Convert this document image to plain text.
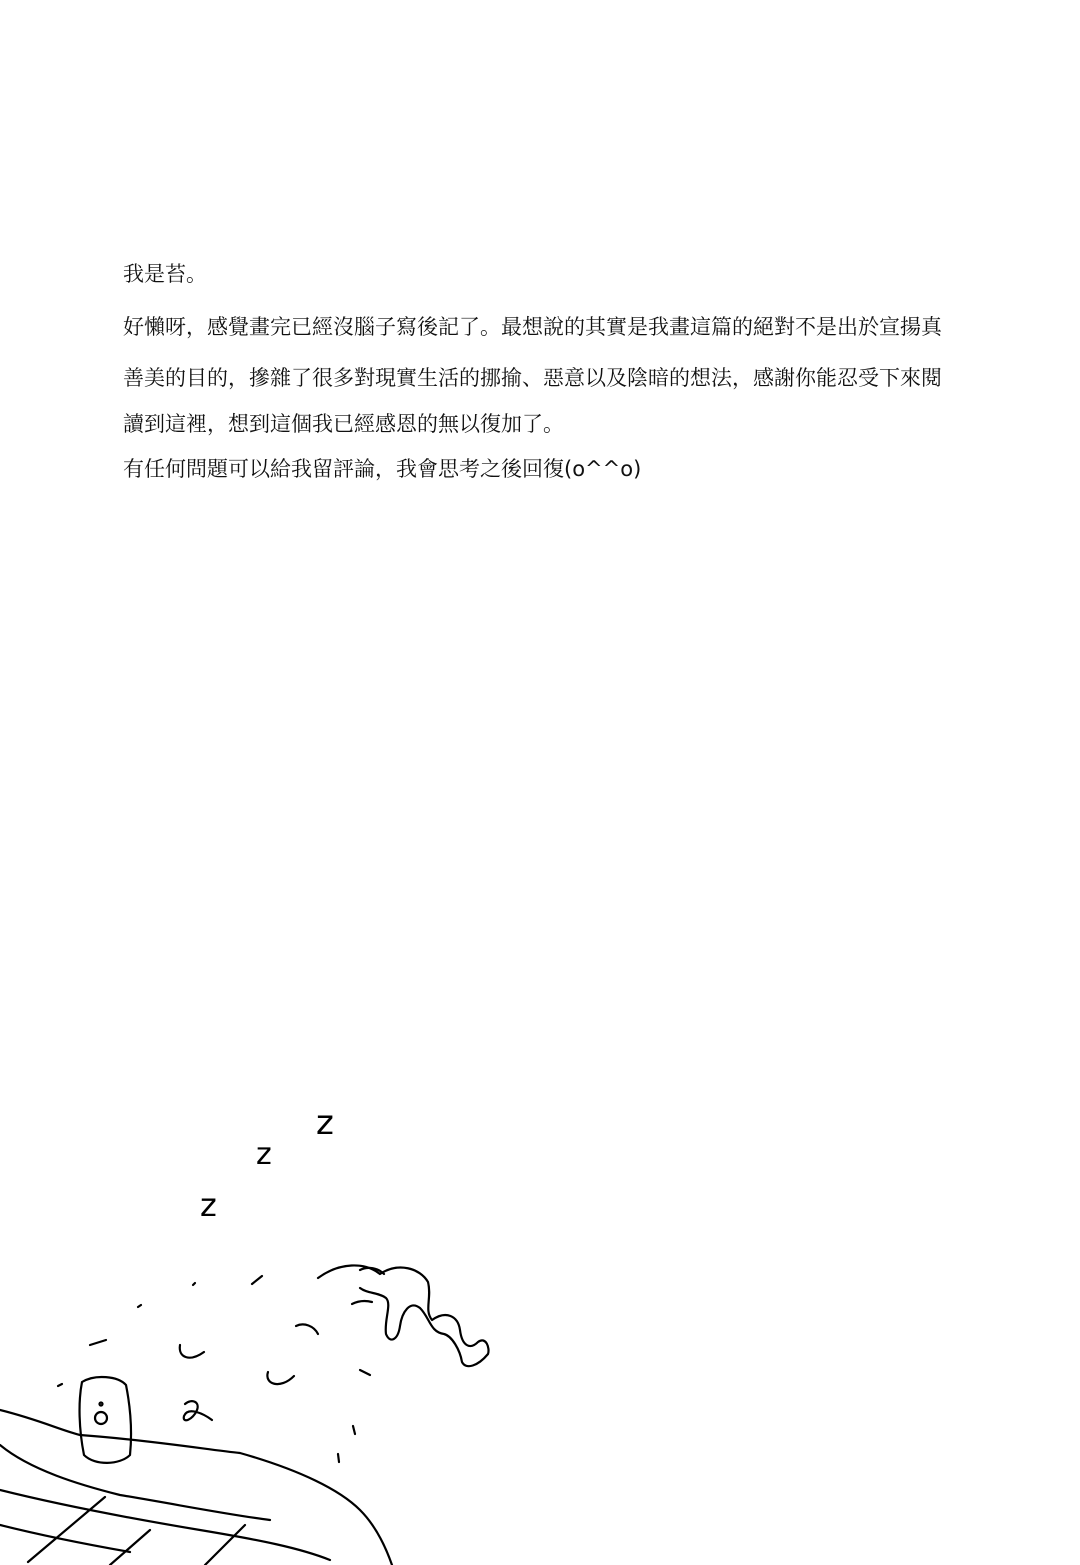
我是苔。

好懶呀，感覺畫完已經沒腦子寫後記了。最想說的其實是我畫這篇的絕對不是出於宣揚真

善美的目的，摻雜了很多對現實生活的挪揄、惡意以及陰暗的想法，感謝你能忍受下來閱

讀到這裡，想到這個我已經感恩的無以復加了。

有任何問題可以給我留評論，我會思考之後回復(o^^o)

z
z
z
